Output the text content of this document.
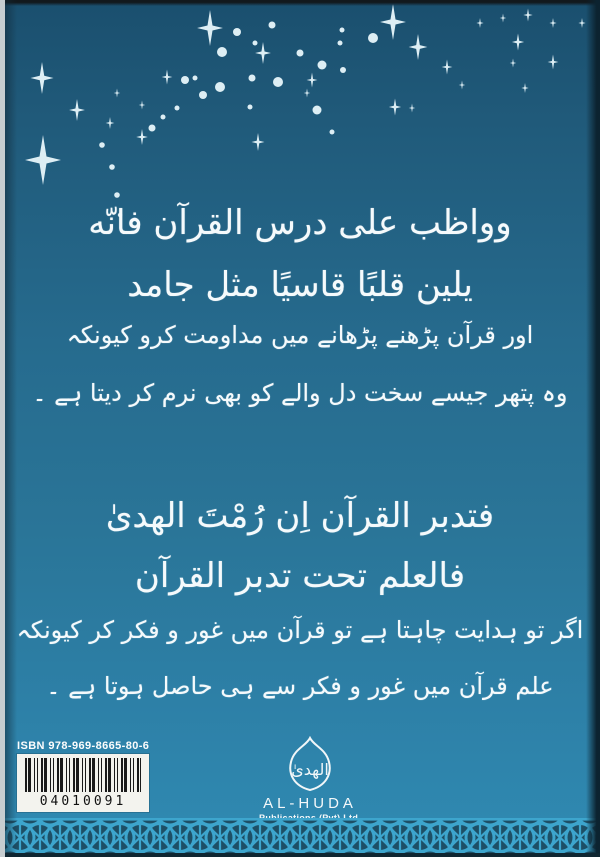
وواظب على درس القرآن فانّه
يلين قلبًا قاسيًا مثل جامد
اور قرآن پڑھنے پڑھانے میں مداومت کرو کیونکہ
وہ پتھر جیسے سخت دل والے کو بھی نرم کر دیتا ہے ۔
فتدبر القرآن اِن رُمْتَ الهدىٰ
فالعلم تحت تدبر القرآن
اگر تو ہدایت چاہتا ہے تو قرآن میں غور و فکر کر کیونکہ
علم قرآن میں غور و فکر سے ہی حاصل ہوتا ہے ۔
ISBN 978-969-8665-80-6
04010091
الهدىٰ
AL-HUDA
